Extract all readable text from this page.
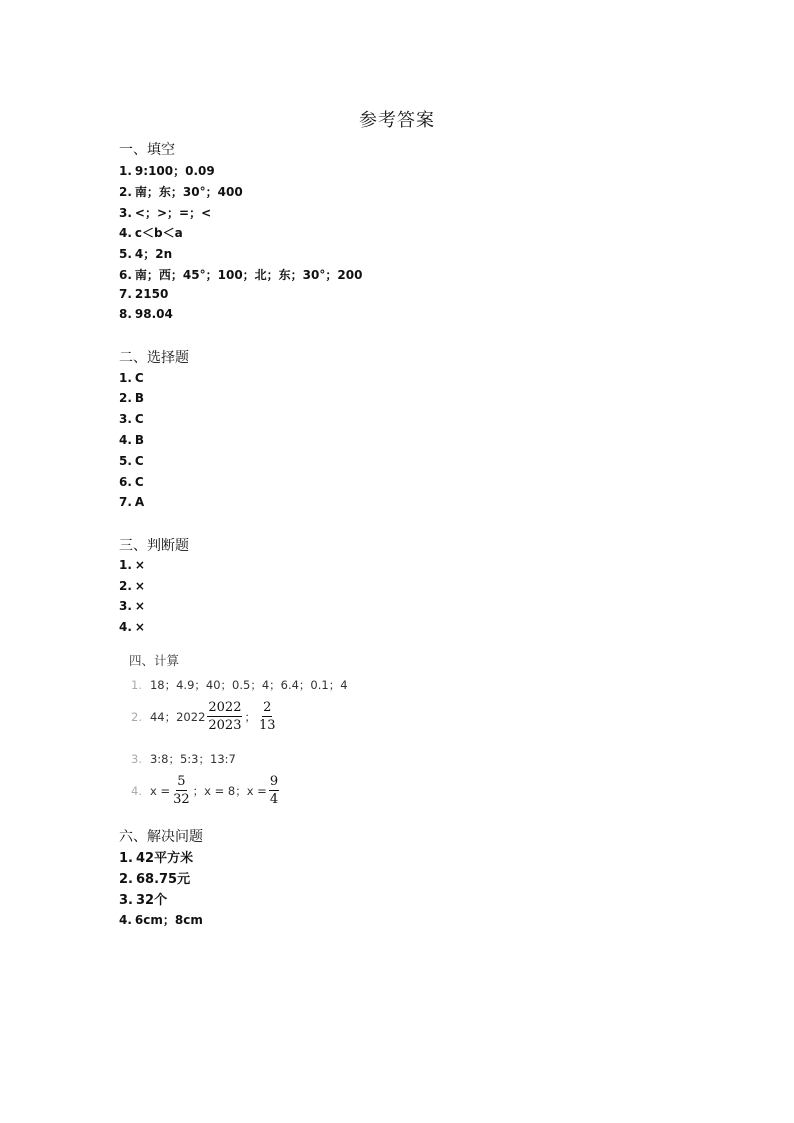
参考答案
一、填空
1. 9:100；0.09
2. 南；东；30°；400
3. <；>；=；<
4. c＜b＜a
5. 4；2n
6. 南；西；45°；100；北；东；30°；200
7. 2150
8. 98.04
二、选择题
1. C
2. B
3. C
4. B
5. C
6. C
7. A
三、判断题
1. ×
2. ×
3. ×
4. ×
四、计算
1. 18；4.9；40；0.5；4；6.4；0.1；4
2. 44；$2022 \frac{2022}{2023}$ ； $\frac{2}{13}$
3. 3:8；5:3；13:7
4. $x = \frac{5}{32}$ ；x = 8；$x = \frac{9}{4}$
六、解决问题
1. 42平方米
2. 68.75元
3. 32个
4. 6cm；8cm
